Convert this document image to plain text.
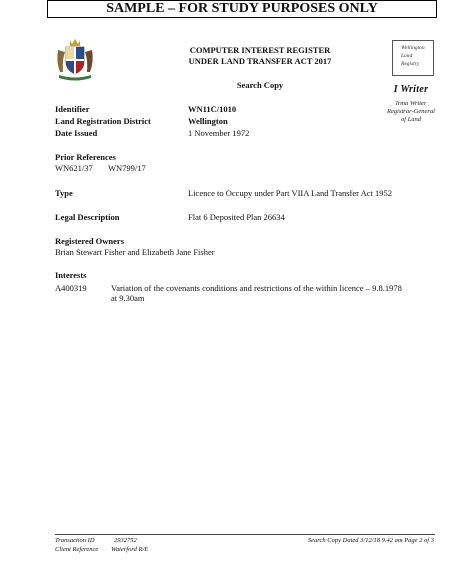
SAMPLE – FOR STUDY PURPOSES ONLY
COMPUTER INTEREST REGISTER
UNDER LAND TRANSFER ACT 2017
Search Copy
Wellington
Land
Registry
I Writer
Irma Writer
Registrar-General
of Land
Identifier	WN11C/1010
Land Registration District	Wellington
Date Issued	1 November 1972
Prior References
WN621/37 WN799/17
Type	Licence to Occupy under Part VIIA Land Transfer Act 1952
Legal Description	Flat 6 Deposited Plan 26634
Registered Owners
Brian Stewart Fisher and Elizabeth Jane Fisher
Interests
A400319	Variation of the covenants conditions and restrictions of the within licence – 9.8.1978
at 9.30am
Transaction ID	2932752
Client Reference Waterford R/E
Search Copy Dated 3/12/18 9.42 am Page 2 of 3
